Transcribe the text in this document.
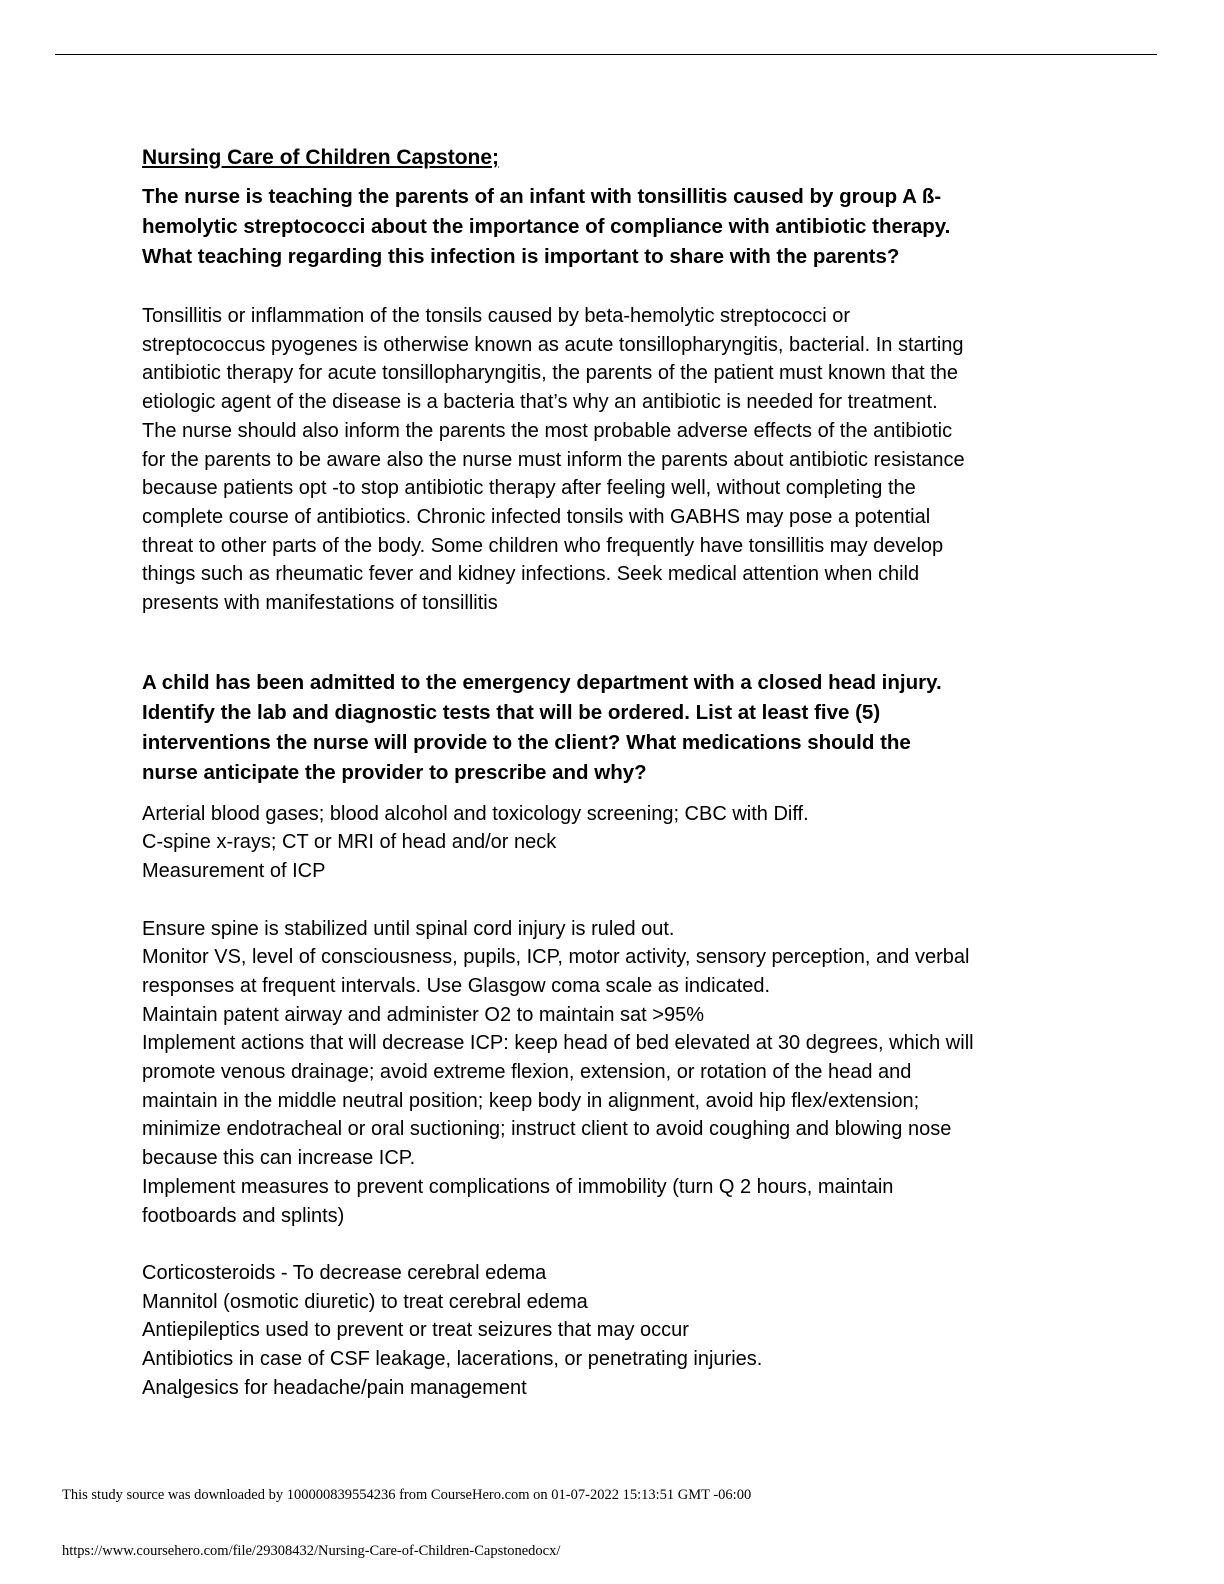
Nursing Care of Children Capstone;
The nurse is teaching the parents of an infant with tonsillitis caused by group A ß-
hemolytic streptococci about the importance of compliance with antibiotic therapy.
What teaching regarding this infection is important to share with the parents?
Tonsillitis or inflammation of the tonsils caused by beta-hemolytic streptococci or
streptococcus pyogenes is otherwise known as acute tonsillopharyngitis, bacterial. In starting
antibiotic therapy for acute tonsillopharyngitis, the parents of the patient must known that the
etiologic agent of the disease is a bacteria that’s why an antibiotic is needed for treatment.
The nurse should also inform the parents the most probable adverse effects of the antibiotic
for the parents to be aware also the nurse must inform the parents about antibiotic resistance
because patients opt -to stop antibiotic therapy after feeling well, without completing the
complete course of antibiotics. Chronic infected tonsils with GABHS may pose a potential
threat to other parts of the body. Some children who frequently have tonsillitis may develop
things such as rheumatic fever and kidney infections. Seek medical attention when child
presents with manifestations of tonsillitis
A child has been admitted to the emergency department with a closed head injury.
Identify the lab and diagnostic tests that will be ordered. List at least five (5)
interventions the nurse will provide to the client? What medications should the
nurse anticipate the provider to prescribe and why?
Arterial blood gases; blood alcohol and toxicology screening; CBC with Diff.
C-spine x-rays; CT or MRI of head and/or neck
Measurement of ICP
Ensure spine is stabilized until spinal cord injury is ruled out.
Monitor VS, level of consciousness, pupils, ICP, motor activity, sensory perception, and verbal
responses at frequent intervals. Use Glasgow coma scale as indicated.
Maintain patent airway and administer O2 to maintain sat >95%
Implement actions that will decrease ICP: keep head of bed elevated at 30 degrees, which will
promote venous drainage; avoid extreme flexion, extension, or rotation of the head and
maintain in the middle neutral position; keep body in alignment, avoid hip flex/extension;
minimize endotracheal or oral suctioning; instruct client to avoid coughing and blowing nose
because this can increase ICP.
Implement measures to prevent complications of immobility (turn Q 2 hours, maintain
footboards and splints)
Corticosteroids - To decrease cerebral edema
Mannitol (osmotic diuretic) to treat cerebral edema
Antiepileptics used to prevent or treat seizures that may occur
Antibiotics in case of CSF leakage, lacerations, or penetrating injuries.
Analgesics for headache/pain management
This study source was downloaded by 100000839554236 from CourseHero.com on 01-07-2022 15:13:51 GMT -06:00
https://www.coursehero.com/file/29308432/Nursing-Care-of-Children-Capstonedocx/
